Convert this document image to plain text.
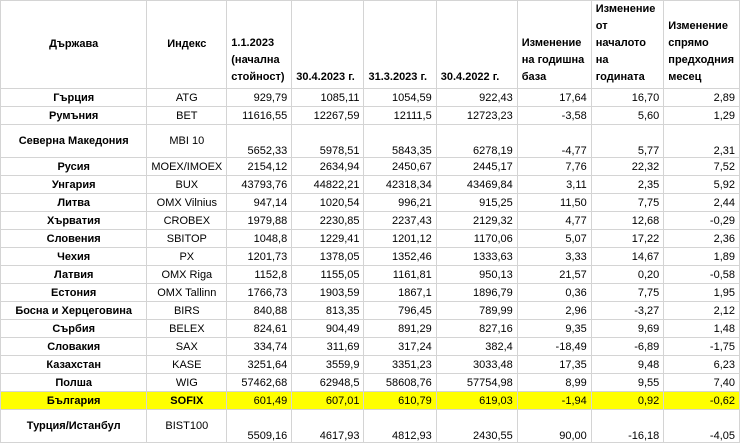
Държава	Индекс	1.1.2023 (начална стойност)	30.4.2023 г.	31.3.2023 г.	30.4.2022 г.	Изменение на годишна база	Изменение от началото на годината	Изменение спрямо предходния месец
Гърция	ATG	929,79	1085,11	1054,59	922,43	17,64	16,70	2,89
Румъния	BET	11616,55	12267,59	12111,5	12723,23	-3,58	5,60	1,29
Северна Македония	MBI 10	5652,33	5978,51	5843,35	6278,19	-4,77	5,77	2,31
Русия	MOEX/IMOEX	2154,12	2634,94	2450,67	2445,17	7,76	22,32	7,52
Унгария	BUX	43793,76	44822,21	42318,34	43469,84	3,11	2,35	5,92
Литва	OMX Vilnius	947,14	1020,54	996,21	915,25	11,50	7,75	2,44
Хърватия	CROBEX	1979,88	2230,85	2237,43	2129,32	4,77	12,68	-0,29
Словения	SBITOP	1048,8	1229,41	1201,12	1170,06	5,07	17,22	2,36
Чехия	PX	1201,73	1378,05	1352,46	1333,63	3,33	14,67	1,89
Латвия	OMX Riga	1152,8	1155,05	1161,81	950,13	21,57	0,20	-0,58
Естония	OMX Tallinn	1766,73	1903,59	1867,1	1896,79	0,36	7,75	1,95
Босна и Херцеговина	BIRS	840,88	813,35	796,45	789,99	2,96	-3,27	2,12
Сърбия	BELEX	824,61	904,49	891,29	827,16	9,35	9,69	1,48
Словакия	SAX	334,74	311,69	317,24	382,4	-18,49	-6,89	-1,75
Казахстан	KASE	3251,64	3559,9	3351,23	3033,48	17,35	9,48	6,23
Полша	WIG	57462,68	62948,5	58608,76	57754,98	8,99	9,55	7,40
България	SOFIX	601,49	607,01	610,79	619,03	-1,94	0,92	-0,62
Турция/Истанбул	BIST100	5509,16	4617,93	4812,93	2430,55	90,00	-16,18	-4,05
